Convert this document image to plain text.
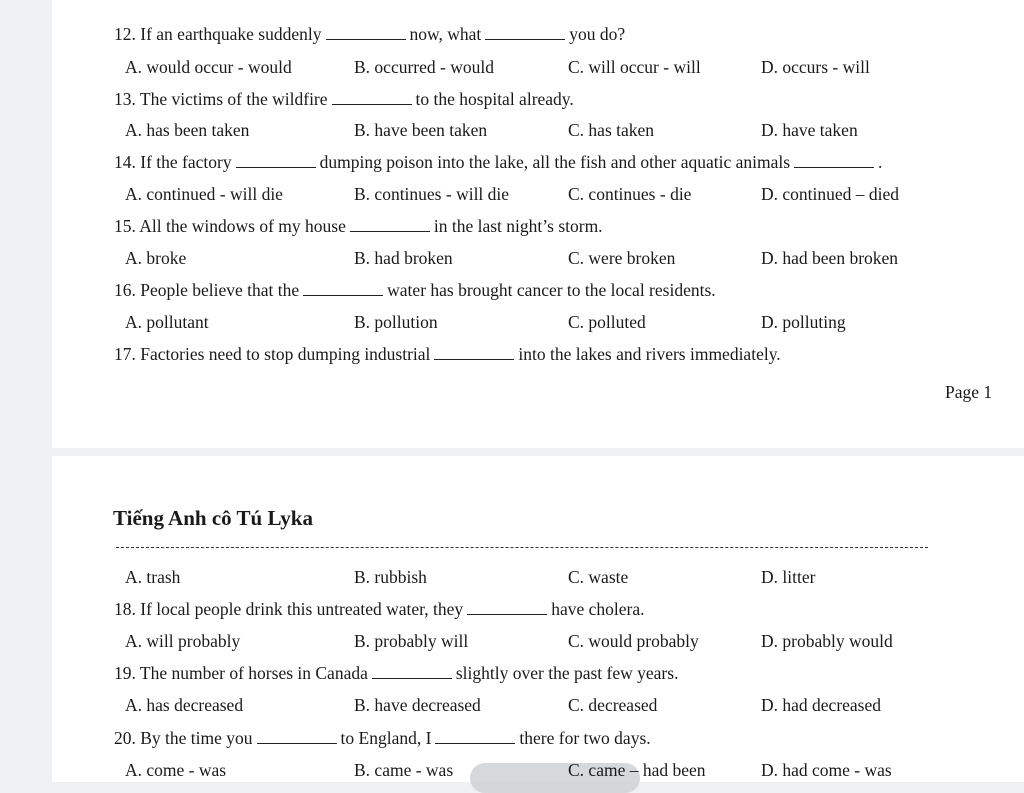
12. If an earthquake suddenly	now, what	you do?
A. would occur - would	B. occurred - would	C. will occur - will	D. occurs - will
13. The victims of the wildfire	to the hospital already.
A. has been taken	B. have been taken	C. has taken	D. have taken
14. If the factory	dumping poison into the lake, all the fish and other aquatic animals	.
A. continued - will die	B. continues - will die	C. continues - die	D. continued – died
15. All the windows of my house	in the last night’s storm.
A. broke	B. had broken	C. were broken	D. had been broken
16. People believe that the	water has brought cancer to the local residents.
A. pollutant	B. pollution	C. polluted	D. polluting
17. Factories need to stop dumping industrial	into the lakes and rivers immediately.
Page 1
Tiếng Anh cô Tú Lyka
A. trash	B. rubbish	C. waste	D. litter
18. If local people drink this untreated water, they	have cholera.
A. will probably	B. probably will	C. would probably	D. probably would
19. The number of horses in Canada	slightly over the past few years.
A. has decreased	B. have decreased	C. decreased	D. had decreased
20. By the time you	to England, I	there for two days.
A. come - was	B. came - was	C. came – had been	D. had come - was
